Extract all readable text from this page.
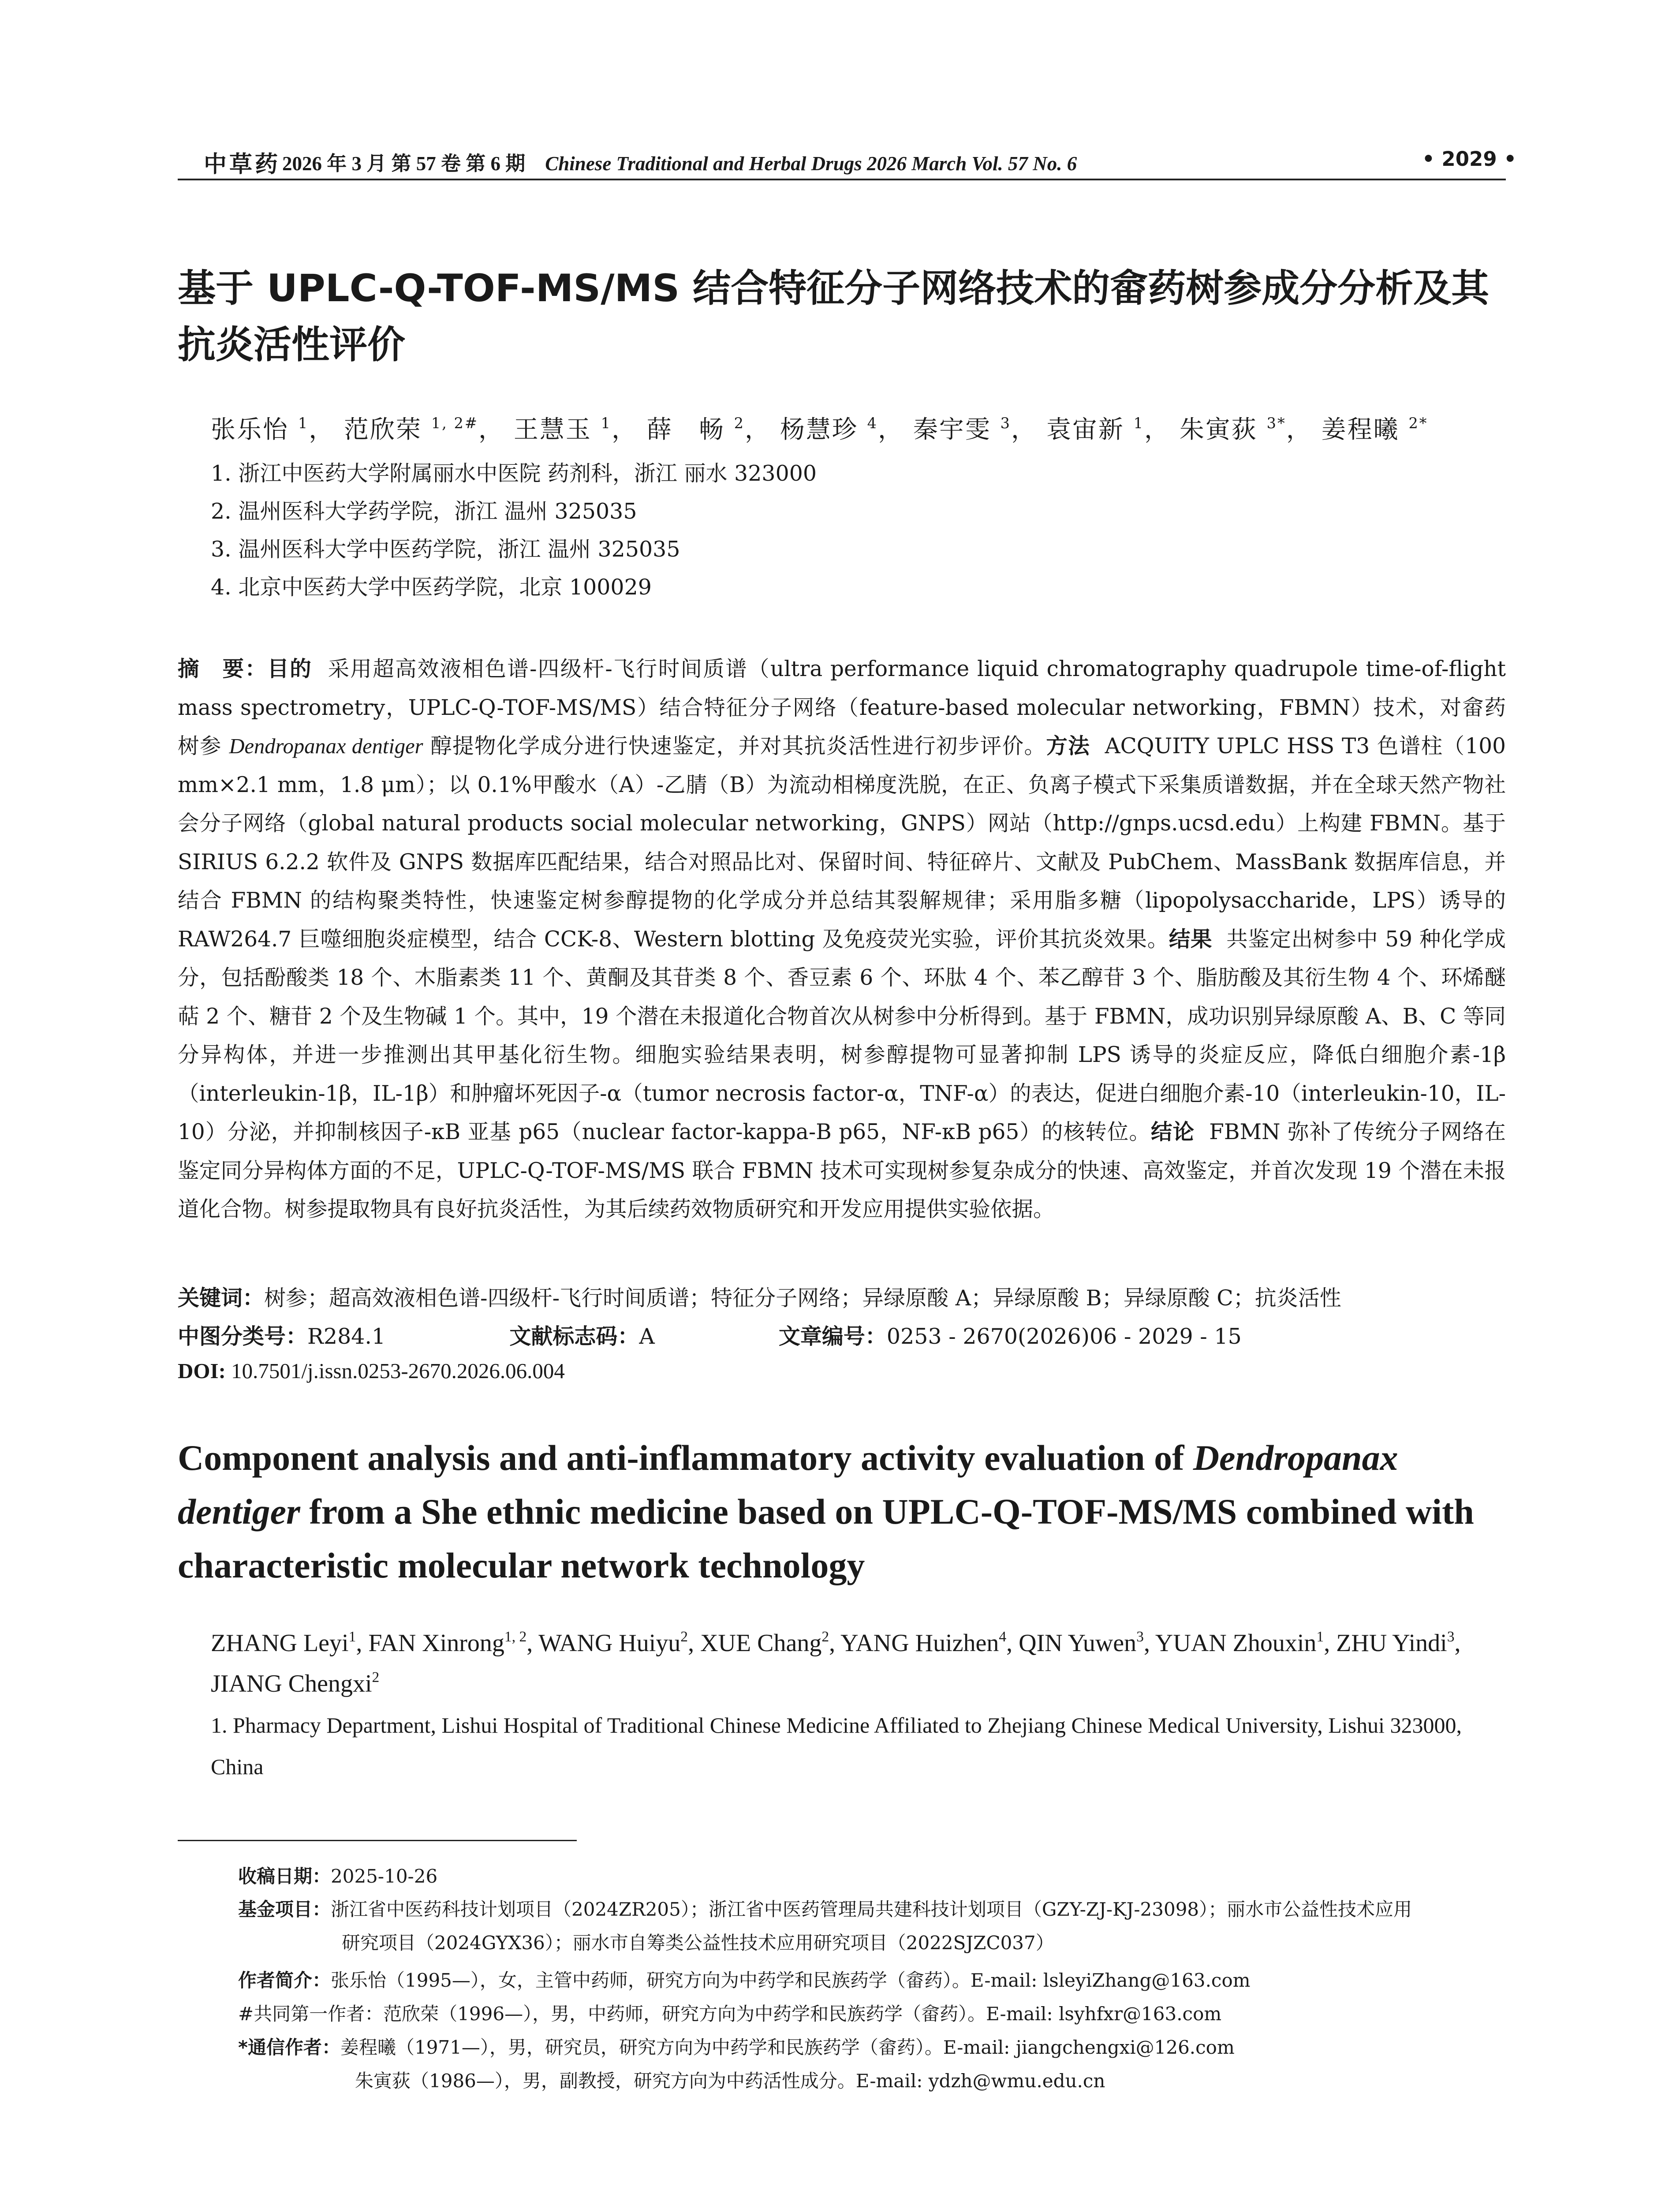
中草药 2026 年 3 月 第 57 卷 第 6 期 Chinese Traditional and Herbal Drugs 2026 March Vol. 57 No. 6	• 2029 •
基于 UPLC-Q-TOF-MS/MS 结合特征分子网络技术的畲药树参成分分析及其抗炎活性评价
张乐怡 $^1$， 范欣荣 $^{1, 2\#}$， 王慧玉 $^1$， 薛　畅 $^2$， 杨慧珍 $^4$， 秦宇雯 $^3$， 袁宙新 $^1$， 朱寅荻 $^{3*}$， 姜程曦 $^{2*}$
1. 浙江中医药大学附属丽水中医院 药剂科，浙江 丽水 323000
2. 温州医科大学药学院，浙江 温州 325035
3. 温州医科大学中医药学院，浙江 温州 325035
4. 北京中医药大学中医药学院，北京 100029

摘　要：目的 采用超高效液相色谱-四级杆-飞行时间质谱（ultra performance liquid chromatography quadrupole time-of-flight mass spectrometry，UPLC-Q-TOF-MS/MS）结合特征分子网络（feature-based molecular networking，FBMN）技术，对畲药树参 Dendropanax dentiger 醇提物化学成分进行快速鉴定，并对其抗炎活性进行初步评价。方法 ACQUITY UPLC HSS T3 色谱柱（100 mm×2.1 mm，1.8 μm）；以 0.1%甲酸水（A）-乙腈（B）为流动相梯度洗脱，在正、负离子模式下采集质谱数据，并在全球天然产物社会分子网络（global natural products social molecular networking，GNPS）网站（http://gnps.ucsd.edu）上构建 FBMN。基于 SIRIUS 6.2.2 软件及 GNPS 数据库匹配结果，结合对照品比对、保留时间、特征碎片、文献及 PubChem、MassBank 数据库信息，并结合 FBMN 的结构聚类特性，快速鉴定树参醇提物的化学成分并总结其裂解规律；采用脂多糖（lipopolysaccharide，LPS）诱导的 RAW264.7 巨噬细胞炎症模型，结合 CCK-8、Western blotting 及免疫荧光实验，评价其抗炎效果。结果 共鉴定出树参中 59 种化学成分，包括酚酸类 18 个、木脂素类 11 个、黄酮及其苷类 8 个、香豆素 6 个、环肽 4 个、苯乙醇苷 3 个、脂肪酸及其衍生物 4 个、环烯醚萜 2 个、糖苷 2 个及生物碱 1 个。其中，19 个潜在未报道化合物首次从树参中分析得到。基于 FBMN，成功识别异绿原酸 A、B、C 等同分异构体，并进一步推测出其甲基化衍生物。细胞实验结果表明，树参醇提物可显著抑制 LPS 诱导的炎症反应，降低白细胞介素-1β（interleukin-1β，IL-1β）和肿瘤坏死因子-α（tumor necrosis factor-α，TNF-α）的表达，促进白细胞介素-10（interleukin-10，IL-10）分泌，并抑制核因子-κB 亚基 p65（nuclear factor-kappa-B p65，NF-κB p65）的核转位。结论 FBMN 弥补了传统分子网络在鉴定同分异构体方面的不足，UPLC-Q-TOF-MS/MS 联合 FBMN 技术可实现树参复杂成分的快速、高效鉴定，并首次发现 19 个潜在未报道化合物。树参提取物具有良好抗炎活性，为其后续药效物质研究和开发应用提供实验依据。

关键词：树参；超高效液相色谱-四级杆-飞行时间质谱；特征分子网络；异绿原酸 A；异绿原酸 B；异绿原酸 C；抗炎活性
中图分类号：R284.1	文献标志码：A	文章编号：0253 - 2670(2026)06 - 2029 - 15
DOI: 10.7501/j.issn.0253-2670.2026.06.004
Component analysis and anti-inflammatory activity evaluation of Dendropanax dentiger from a She ethnic medicine based on UPLC-Q-TOF-MS/MS combined with characteristic molecular network technology
ZHANG Leyi$^1$, FAN Xinrong$^{1, 2}$, WANG Huiyu$^2$, XUE Chang$^2$, YANG Huizhen$^4$, QIN Yuwen$^3$, YUAN Zhouxin$^1$, ZHU Yindi$^3$, JIANG Chengxi$^2$
1. Pharmacy Department, Lishui Hospital of Traditional Chinese Medicine Affiliated to Zhejiang Chinese Medical University, Lishui 323000, China
收稿日期：2025-10-26
基金项目：浙江省中医药科技计划项目（2024ZR205）；浙江省中医药管理局共建科技计划项目（GZY-ZJ-KJ-23098）；丽水市公益性技术应用
研究项目（2024GYX36）；丽水市自筹类公益性技术应用研究项目（2022SJZC037）
作者简介：张乐怡（1995—），女，主管中药师，研究方向为中药学和民族药学（畲药）。E-mail: lsleyiZhang@163.com
#共同第一作者：范欣荣（1996—），男，中药师，研究方向为中药学和民族药学（畲药）。E-mail: lsyhfxr@163.com
*通信作者：姜程曦（1971—），男，研究员，研究方向为中药学和民族药学（畲药）。E-mail: jiangchengxi@126.com
朱寅荻（1986—），男，副教授，研究方向为中药活性成分。E-mail: ydzh@wmu.edu.cn
